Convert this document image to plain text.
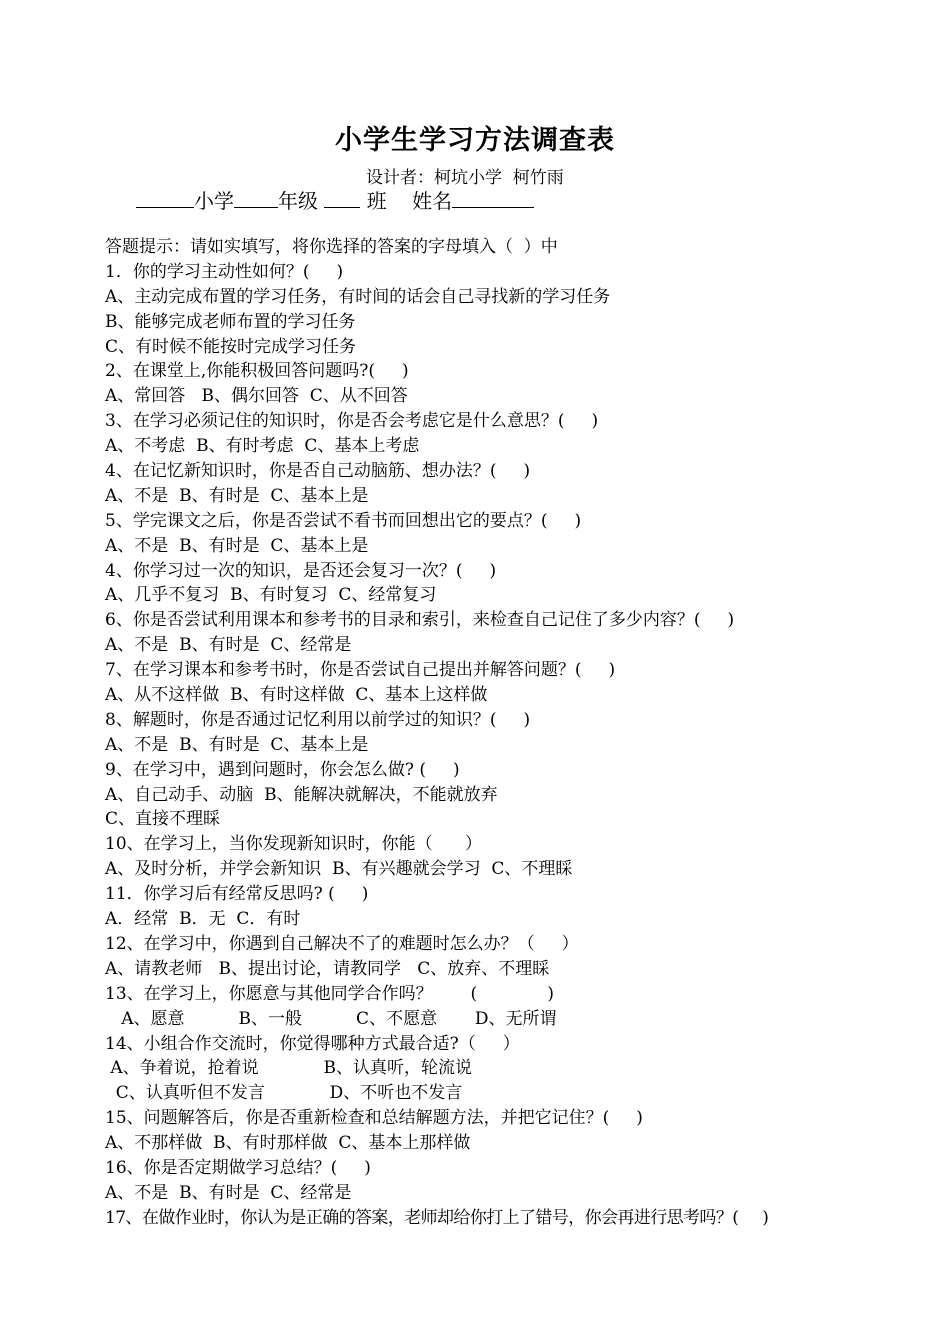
小学生学习方法调查表
设计者：柯坑小学  柯竹雨
小学 年级 班 姓名
答题提示：请如实填写，将你选择的答案的字母填入（  ）中
1．你的学习主动性如何？(     )
A、主动完成布置的学习任务，有时间的话会自己寻找新的学习任务
B、能够完成老师布置的学习任务
C、有时候不能按时完成学习任务
2、在课堂上,你能积极回答问题吗?(     )
A、常回答   B、偶尔回答  C、从不回答
3、在学习必须记住的知识时，你是否会考虑它是什么意思？(     )
A、不考虑  B、有时考虑  C、基本上考虑
4、在记忆新知识时，你是否自己动脑筋、想办法？(     )
A、不是  B、有时是  C、基本上是
5、学完课文之后，你是否尝试不看书而回想出它的要点？(     )
A、不是  B、有时是  C、基本上是
4、你学习过一次的知识，是否还会复习一次？(     )
A、几乎不复习  B、有时复习  C、经常复习
6、你是否尝试利用课本和参考书的目录和索引，来检查自己记住了多少内容？(     )
A、不是  B、有时是  C、经常是
7、在学习课本和参考书时，你是否尝试自己提出并解答问题？(     )
A、从不这样做  B、有时这样做  C、基本上这样做
8、解题时，你是否通过记忆利用以前学过的知识？(     )
A、不是  B、有时是  C、基本上是
9、在学习中，遇到问题时，你会怎么做? (     )
A、自己动手、动脑  B、能解决就解决，不能就放弃
C、直接不理睬
10、在学习上，当你发现新知识时，你能（      ）
A、及时分析，并学会新知识  B、有兴趣就会学习  C、不理睬
11．你学习后有经常反思吗? (     )
A．经常  B．无  C．有时
12、在学习中，你遇到自己解决不了的难题时怎么办？（     ）
A、请教老师   B、提出讨论，请教同学   C、放弃、不理睬
13、在学习上，你愿意与其他同学合作吗？       (             )
A、愿意          B、一般          C、不愿意       D、无所谓
14、小组合作交流时，你觉得哪种方式最合适?（     ）
A、争着说，抢着说            B、认真听，轮流说
C、认真听但不发言            D、不听也不发言
15、问题解答后，你是否重新检查和总结解题方法，并把它记住？(     )
A、不那样做  B、有时那样做  C、基本上那样做
16、你是否定期做学习总结？(     )
A、不是  B、有时是  C、经常是
17、在做作业时，你认为是正确的答案，老师却给你打上了错号，你会再进行思考吗？(     )
